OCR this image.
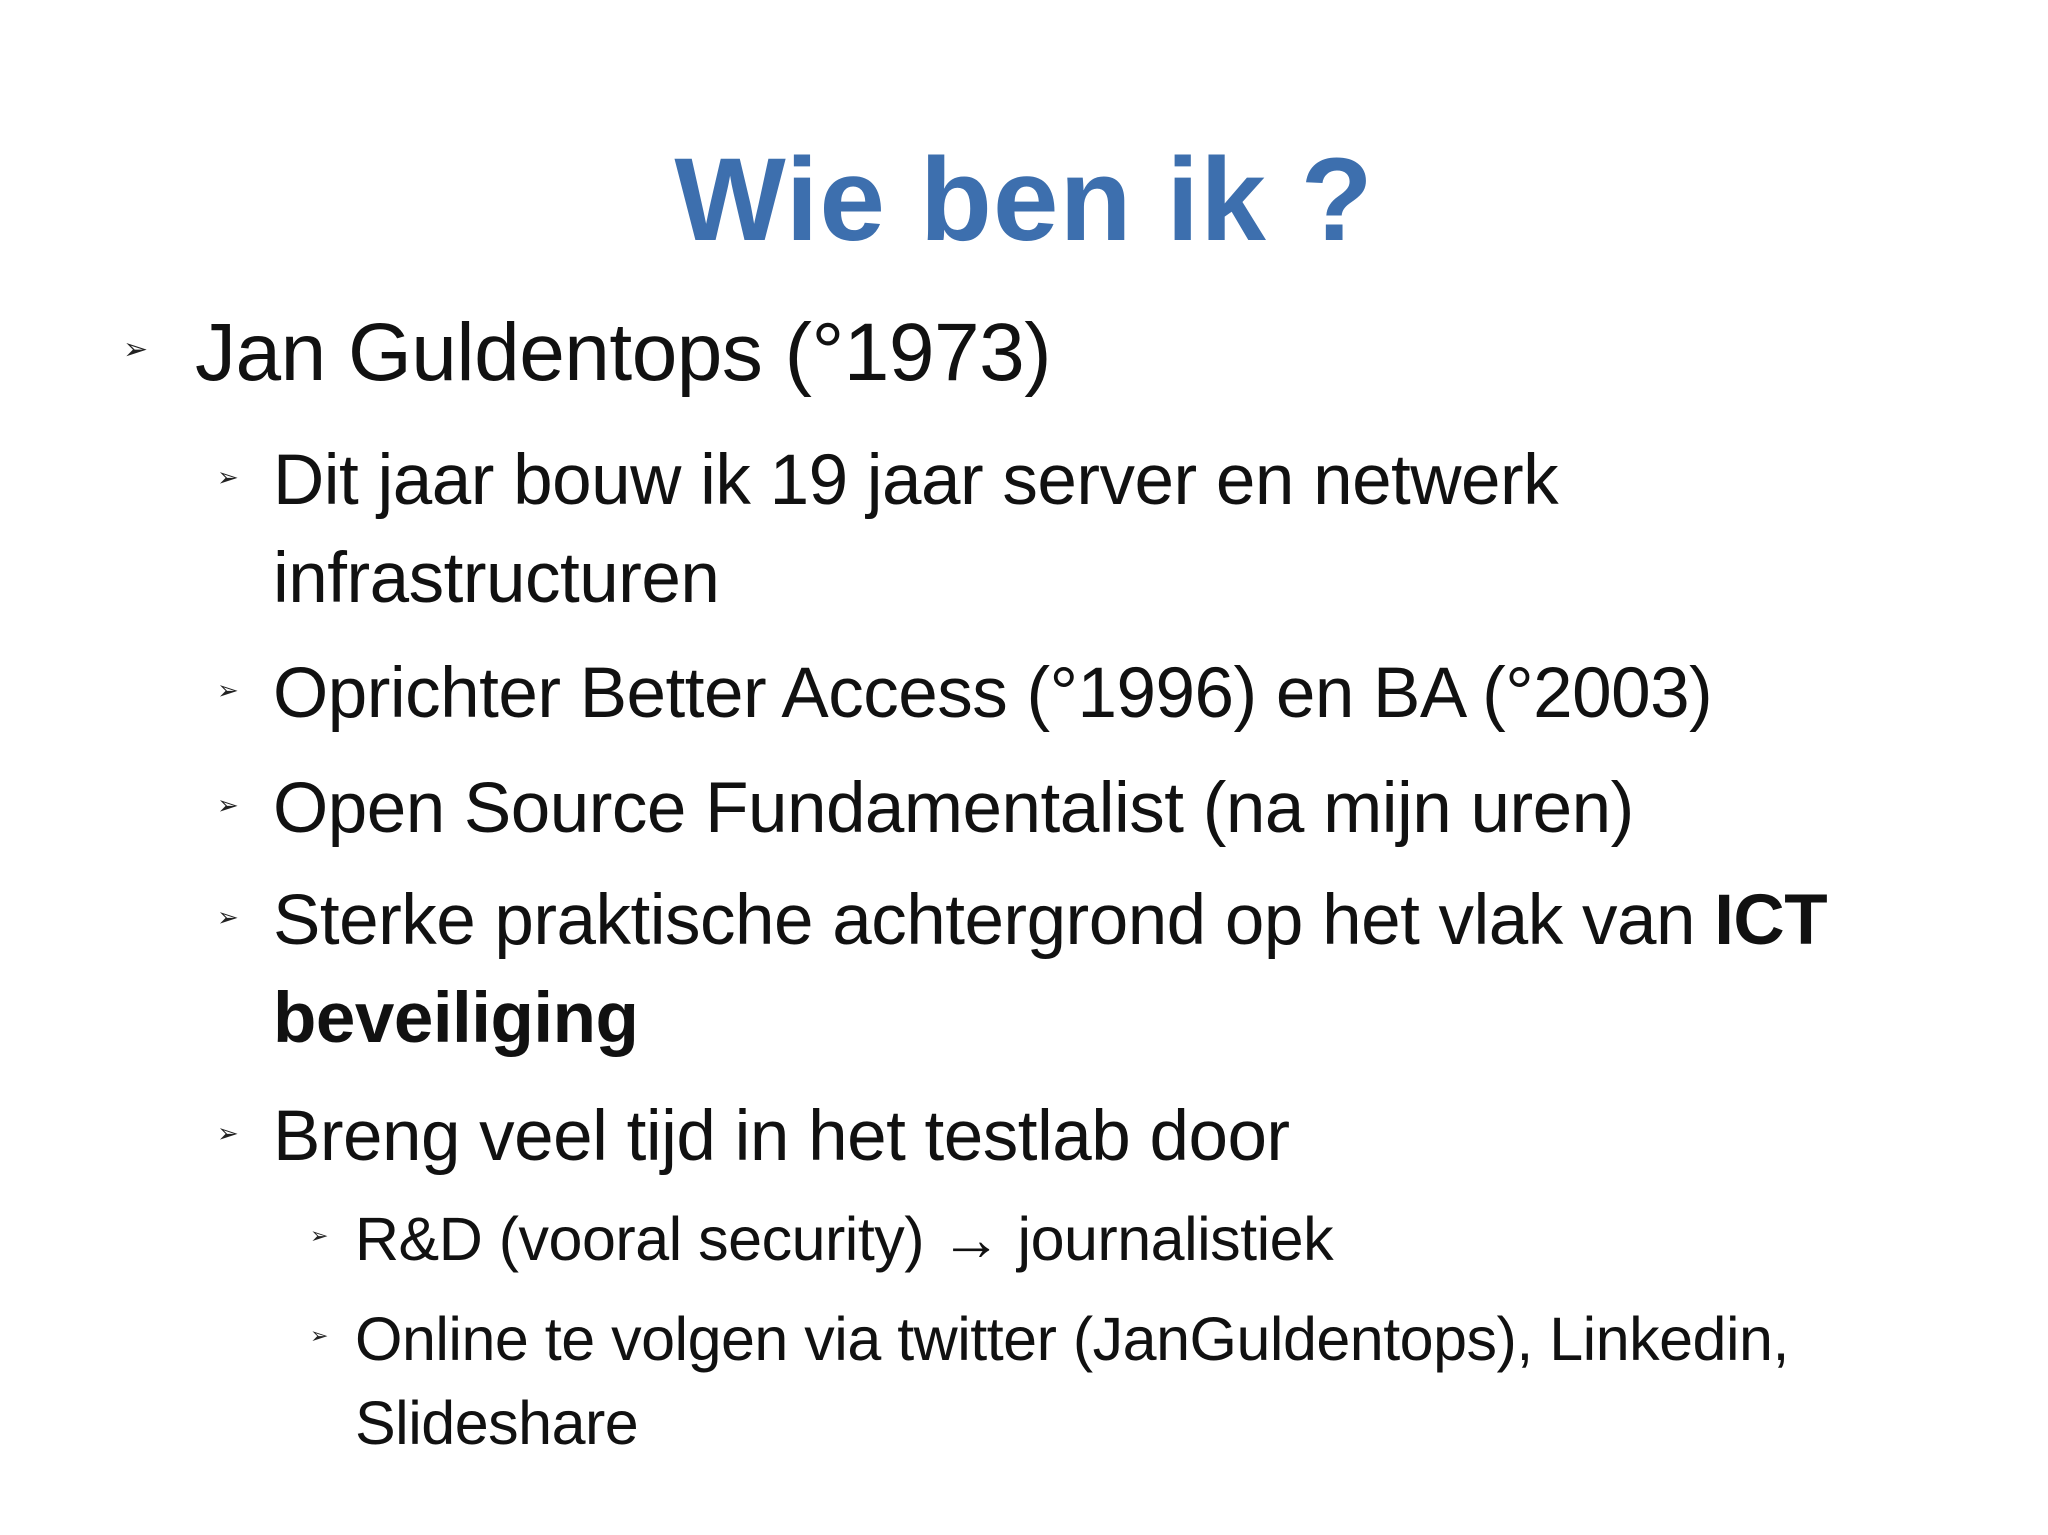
Wie ben ik ?
➢ Jan Guldentops (°1973)
➢ Dit jaar bouw ik 19 jaar server en netwerk infrastructuren
➢ Oprichter Better Access (°1996) en BA (°2003)
➢ Open Source Fundamentalist (na mijn uren)
➢ Sterke praktische achtergrond op het vlak van ICT beveiliging
➢ Breng veel tijd in het testlab door
➢ R&D (vooral security) → journalistiek
➢ Online te volgen via twitter (JanGuldentops), Linkedin, Slideshare
